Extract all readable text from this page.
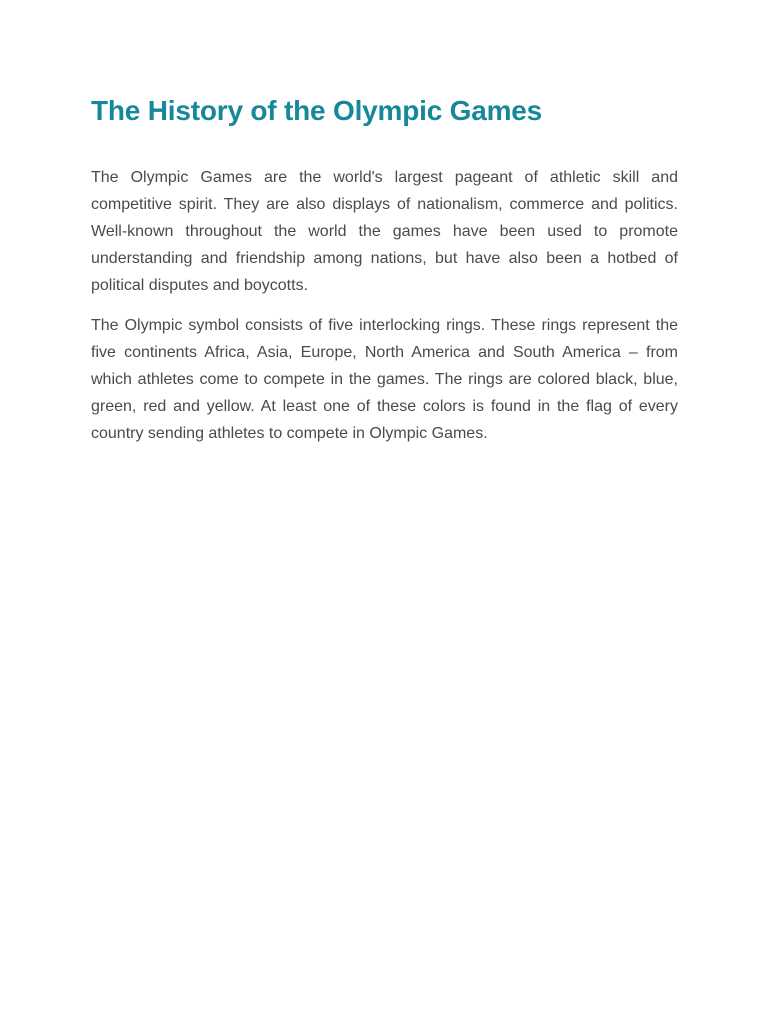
The History of the Olympic Games

The Olympic Games are the world's largest pageant of athletic skill and competitive spirit. They are also displays of nationalism, commerce and politics. Well-known throughout the world the games have been used to promote understanding and friendship among nations, but have also been a hotbed of political disputes and boycotts.

The Olympic symbol consists of five interlocking rings. These rings represent the five continents Africa, Asia, Europe, North America and South America – from which athletes come to compete in the games. The rings are colored black, blue, green, red and yellow. At least one of these colors is found in the flag of every country sending athletes to compete in Olympic Games.
